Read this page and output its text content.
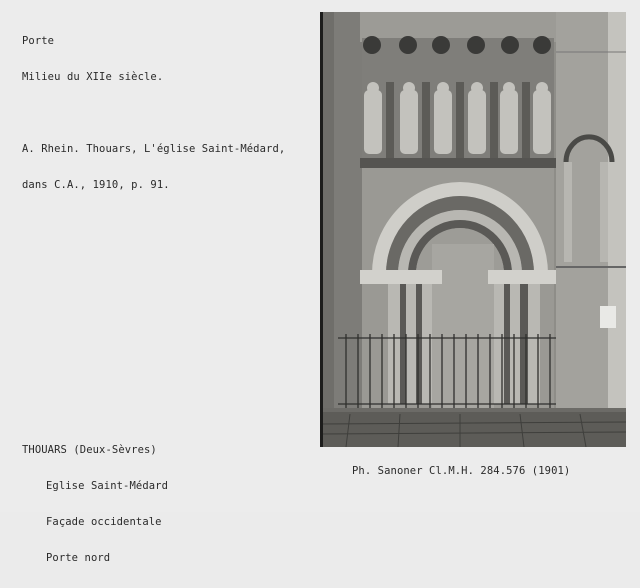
Porte

Milieu du XIIe siècle.

A. Rhein. Thouars, L'église Saint-Médard,

dans C.A., 1910, p. 91.

THOUARS (Deux-Sèvres)

Eglise Saint-Médard

Façade occidentale

Porte nord

Ph. Sanoner Cl.M.H. 284.576 (1901)
